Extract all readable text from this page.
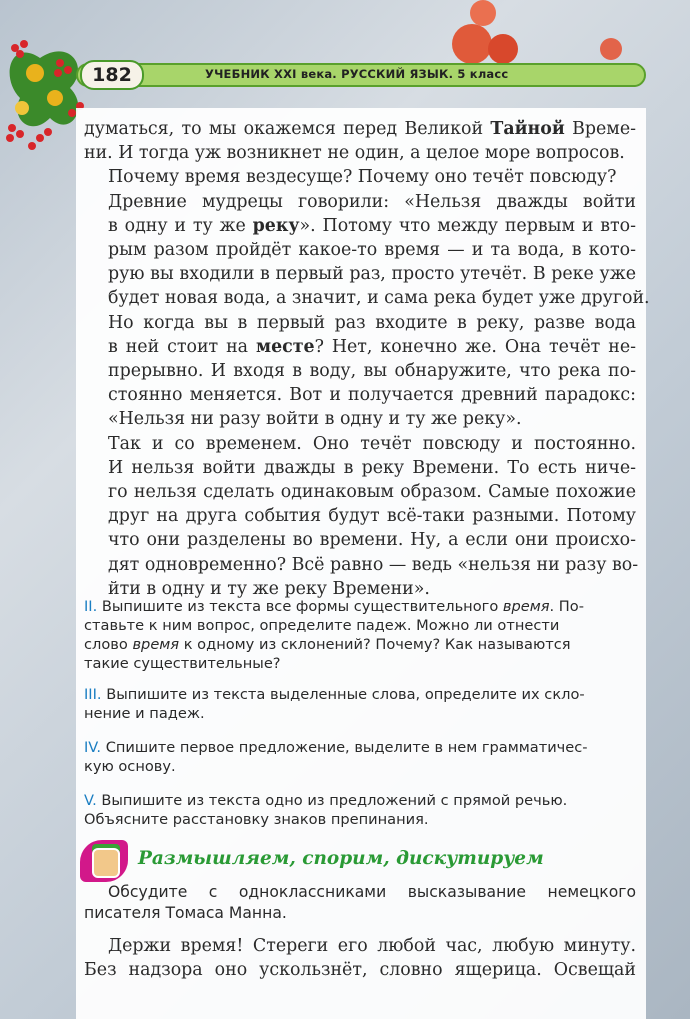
182	УЧЕБНИК XXI века. РУССКИЙ ЯЗЫК. 5 класс

думаться, то мы окажемся перед Великой Тайной Време-
ни. И тогда уж возникнет не один, а целое море вопросов.

Почему время вездесуще? Почему оно течёт повсюду?

Древние мудрецы говорили: «Нельзя дважды войти
в одну и ту же реку». Потому что между первым и вто-
рым разом пройдёт какое-то время — и та вода, в кото-
рую вы входили в первый раз, просто утечёт. В реке уже
будет новая вода, а значит, и сама река будет уже другой.

Но когда вы в первый раз входите в реку, разве вода
в ней стоит на месте? Нет, конечно же. Она течёт не-
прерывно. И входя в воду, вы обнаружите, что река по-
стоянно меняется. Вот и получается древний парадокс:
«Нельзя ни разу войти в одну и ту же реку».

Так и со временем. Оно течёт повсюду и постоянно.
И нельзя войти дважды в реку Времени. То есть ниче-
го нельзя сделать одинаковым образом. Самые похожие
друг на друга события будут всё-таки разными. Потому
что они разделены во времени. Ну, а если они происхо-
дят одновременно? Всё равно — ведь «нельзя ни разу во-
йти в одну и ту же реку Времени».

II. Выпишите из текста все формы существительного время. По-
ставьте к ним вопрос, определите падеж. Можно ли отнести
слово время к одному из склонений? Почему? Как называются
такие существительные?

III. Выпишите из текста выделенные слова, определите их скло-
нение и падеж.

IV. Спишите первое предложение, выделите в нем грамматичес-
кую основу.

V. Выпишите из текста одно из предложений с прямой речью.
Объясните расстановку знаков препинания.

Размышляем, спорим, дискутируем

Обсудите с одноклассниками высказывание немецкого
писателя Томаса Манна.

Держи время! Стереги его любой час, любую минуту.
Без надзора оно ускользнёт, словно ящерица. Освещай
